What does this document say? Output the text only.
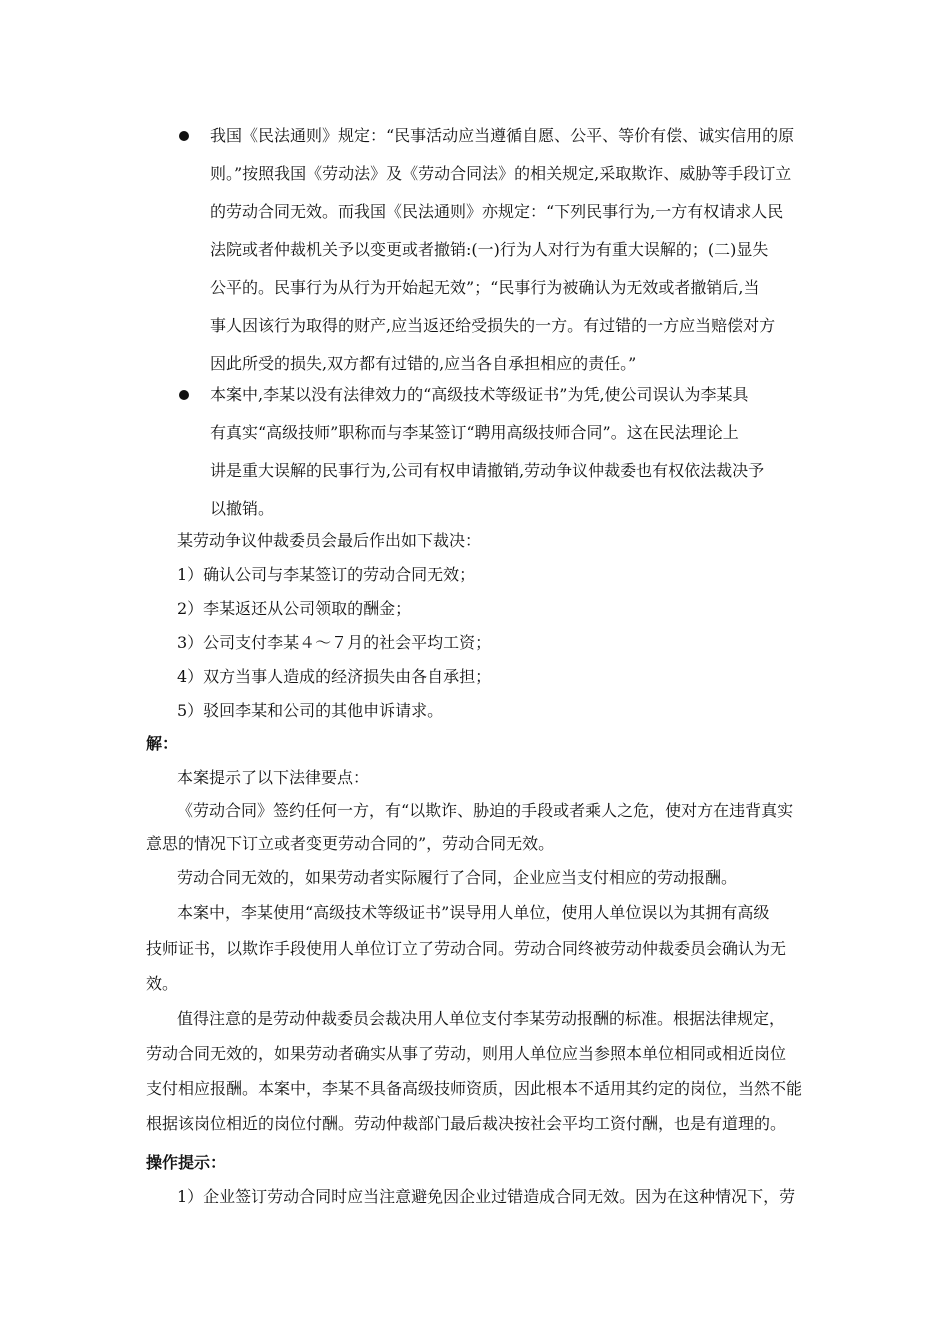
我国《民法通则》规定：“民事活动应当遵循自愿、公平、等价有偿、诚实信用的原
则。”按照我国《劳动法》及《劳动合同法》的相关规定,采取欺诈、威胁等手段订立
的劳动合同无效。而我国《民法通则》亦规定：“下列民事行为,一方有权请求人民
法院或者仲裁机关予以变更或者撤销:(一)行为人对行为有重大误解的；(二)显失
公平的。民事行为从行为开始起无效”；“民事行为被确认为无效或者撤销后,当
事人因该行为取得的财产,应当返还给受损失的一方。有过错的一方应当赔偿对方
因此所受的损失,双方都有过错的,应当各自承担相应的责任。”
本案中,李某以没有法律效力的“高级技术等级证书”为凭,使公司误认为李某具
有真实“高级技师”职称而与李某签订“聘用高级技师合同”。这在民法理论上
讲是重大误解的民事行为,公司有权申请撤销,劳动争议仲裁委也有权依法裁决予
以撤销。
某劳动争议仲裁委员会最后作出如下裁决：
1）确认公司与李某签订的劳动合同无效；
2）李某返还从公司领取的酬金；
3）公司支付李某４～７月的社会平均工资；
4）双方当事人造成的经济损失由各自承担；
5）驳回李某和公司的其他申诉请求。
解：
本案提示了以下法律要点：
《劳动合同》签约任何一方，有“以欺诈、胁迫的手段或者乘人之危，使对方在违背真实
意思的情况下订立或者变更劳动合同的”，劳动合同无效。
劳动合同无效的，如果劳动者实际履行了合同，企业应当支付相应的劳动报酬。
本案中，李某使用“高级技术等级证书”误导用人单位，使用人单位误以为其拥有高级
技师证书，以欺诈手段使用人单位订立了劳动合同。劳动合同终被劳动仲裁委员会确认为无
效。
值得注意的是劳动仲裁委员会裁决用人单位支付李某劳动报酬的标准。根据法律规定，
劳动合同无效的，如果劳动者确实从事了劳动，则用人单位应当参照本单位相同或相近岗位
支付相应报酬。本案中，李某不具备高级技师资质，因此根本不适用其约定的岗位，当然不能
根据该岗位相近的岗位付酬。劳动仲裁部门最后裁决按社会平均工资付酬，也是有道理的。
操作提示：
1）企业签订劳动合同时应当注意避免因企业过错造成合同无效。因为在这种情况下，劳
